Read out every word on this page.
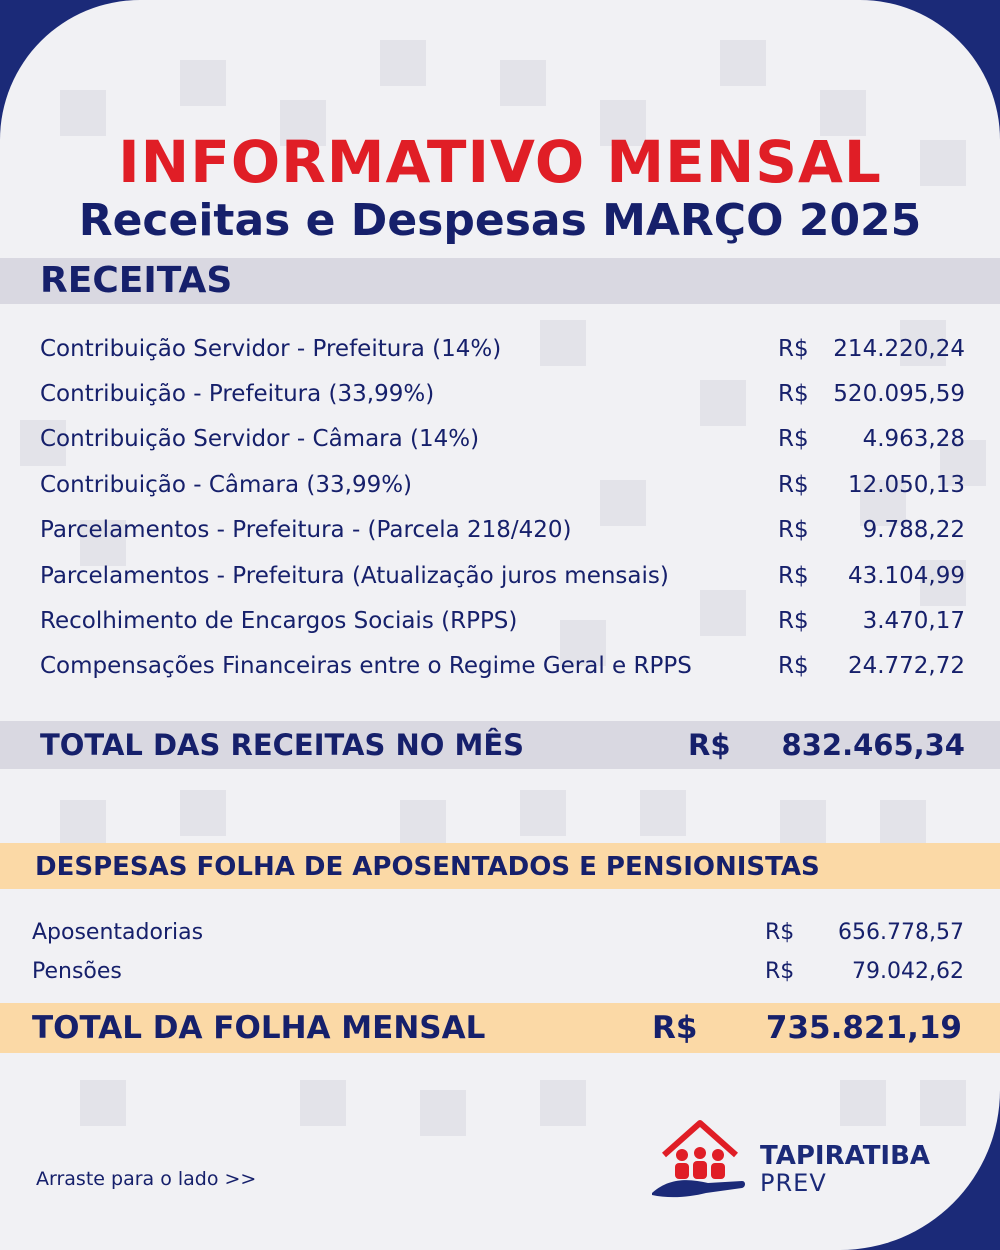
INFORMATIVO MENSAL
Receitas e Despesas MARÇO 2025
RECEITAS
Contribuição Servidor - Prefeitura (14%)	R$ 214.220,24
Contribuição - Prefeitura (33,99%)	R$ 520.095,59
Contribuição Servidor - Câmara (14%)	R$ 4.963,28
Contribuição - Câmara (33,99%)	R$ 12.050,13
Parcelamentos - Prefeitura - (Parcela 218/420)	R$ 9.788,22
Parcelamentos - Prefeitura (Atualização juros mensais)	R$ 43.104,99
Recolhimento de Encargos Sociais (RPPS)	R$ 3.470,17
Compensações Financeiras entre o Regime Geral e RPPS	R$ 24.772,72
TOTAL DAS RECEITAS NO MÊS	R$ 832.465,34
DESPESAS FOLHA DE APOSENTADOS E PENSIONISTAS
Aposentadorias	R$ 656.778,57
Pensões	R$	79.042,62
TOTAL DA FOLHA MENSAL	R$ 735.821,19
Arraste para o lado >>
TAPIRATIBA
PREV
